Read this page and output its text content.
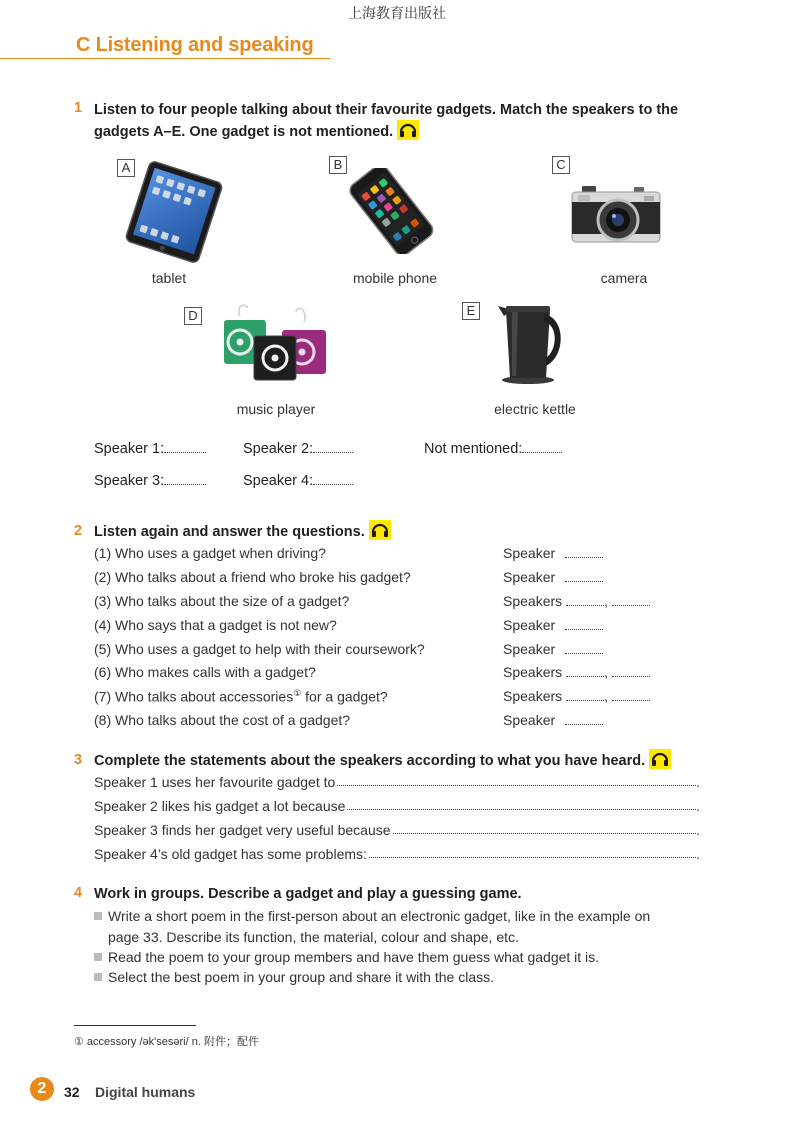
上海教育出版社
C Listening and speaking
1 Listen to four people talking about their favourite gadgets. Match the speakers to the
gadgets A–E. One gadget is not mentioned.
A
tablet
B
mobile phone
C
camera
D
music player
E
electric kettle
Speaker 1:	Speaker 2:	Not mentioned:
Speaker 3:	Speaker 4:
2 Listen again and answer the questions.
(1) Who uses a gadget when driving?	Speaker
(2) Who talks about a friend who broke his gadget?	Speaker
(3) Who talks about the size of a gadget?	Speakers	,
(4) Who says that a gadget is not new?	Speaker
(5) Who uses a gadget to help with their coursework?	Speaker
(6) Who makes calls with a gadget?	Speakers	,
(7) Who talks about accessories① for a gadget?	Speakers	,
(8) Who talks about the cost of a gadget?	Speaker
3 Complete the statements about the speakers according to what you have heard.
Speaker 1 uses her favourite gadget to	.
Speaker 2 likes his gadget a lot because	.
Speaker 3 finds her gadget very useful because	.
Speaker 4’s old gadget has some problems:	.
4 Work in groups. Describe a gadget and play a guessing game.
Write a short poem in the first-person about an electronic gadget, like in the example on
page 33. Describe its function, the material, colour and shape, etc.
Read the poem to your group members and have them guess what gadget it is.
Select the best poem in your group and share it with the class.
① accessory /ək'sesəri/ n. 附件；配件
2	32 Digital humans
